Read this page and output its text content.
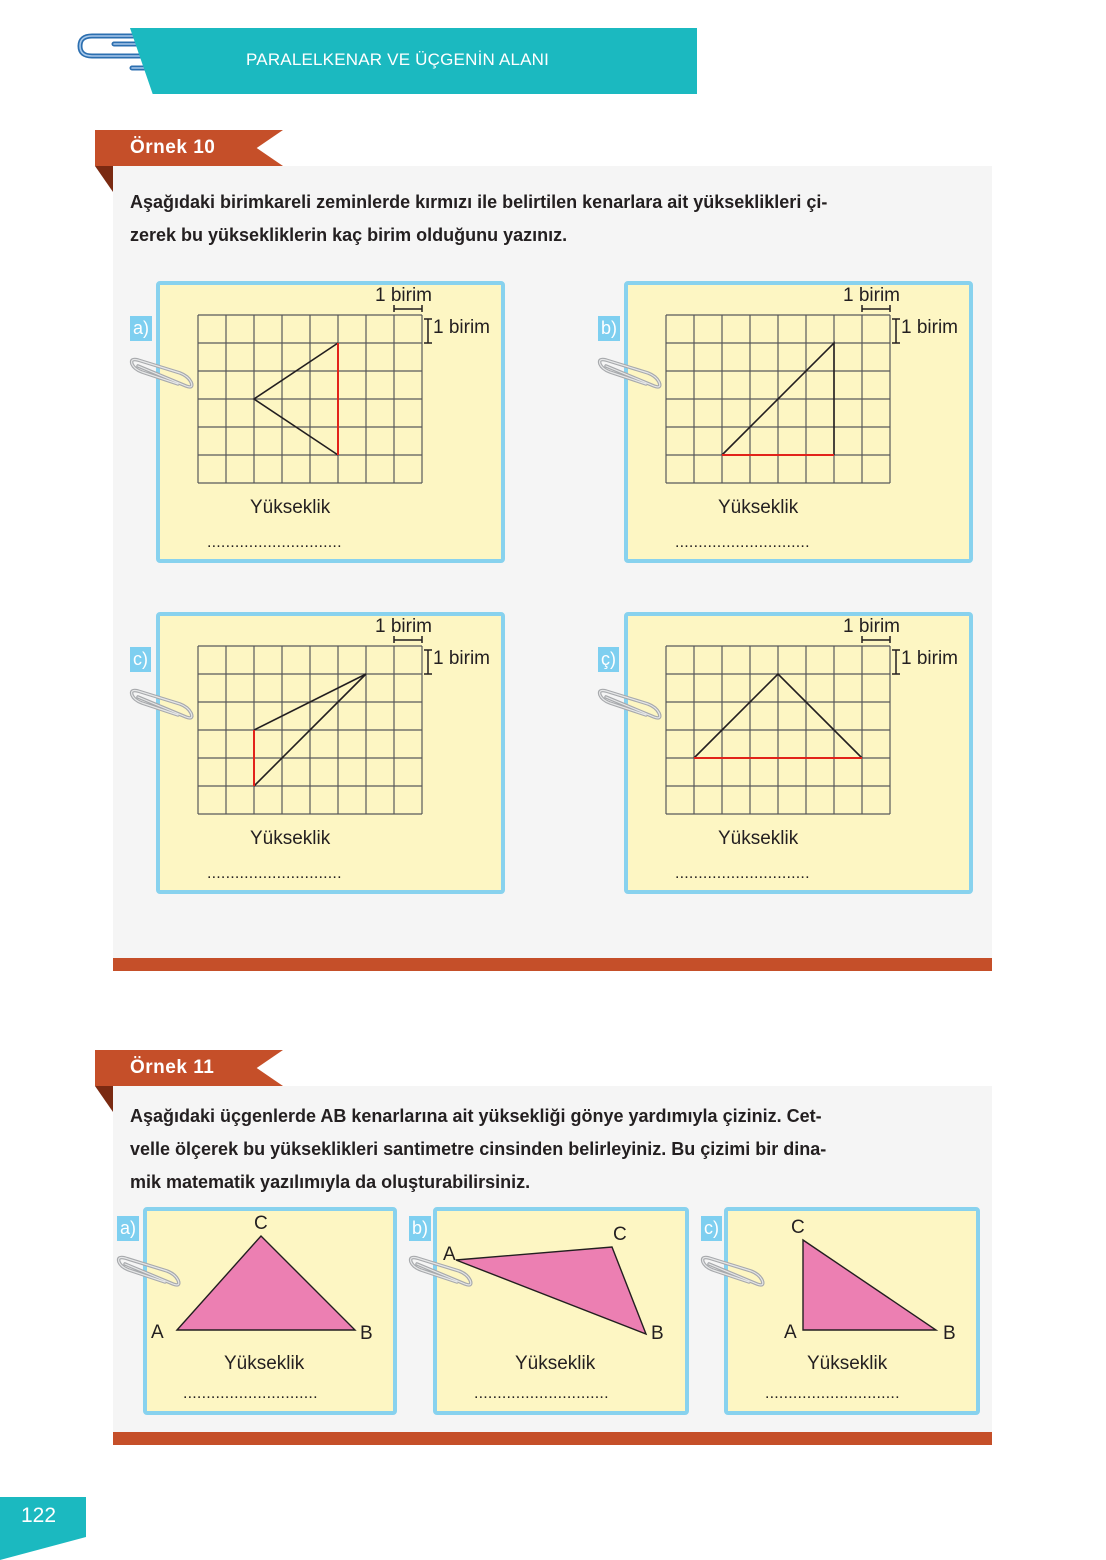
PARALELKENAR VE ÜÇGENİN ALANI
Örnek 10
Aşağıdaki birimkareli zeminlerde kırmızı ile belirtilen kenarlara ait yükseklikleri çi-
zerek bu yüksekliklerin kaç birim olduğunu yazınız.
1 birim
1 birim
a)
Yükseklik
.............................
1 birim
1 birim
b)
Yükseklik
.............................
1 birim
1 birim
c)
Yükseklik
.............................
1 birim
1 birim
ç)
Yükseklik
.............................
Örnek 11
Aşağıdaki üçgenlerde AB kenarlarına ait yüksekliği gönye yardımıyla çiziniz. Cet-
velle ölçerek bu yükseklikleri santimetre cinsinden belirleyiniz. Bu çizimi bir dina-
mik matematik yazılımıyla da oluşturabilirsiniz.
C
A	B
a)
Yükseklik
.............................
A
C
B
b)
Yükseklik
.............................
C
A	B
c)
Yükseklik
.............................
122
